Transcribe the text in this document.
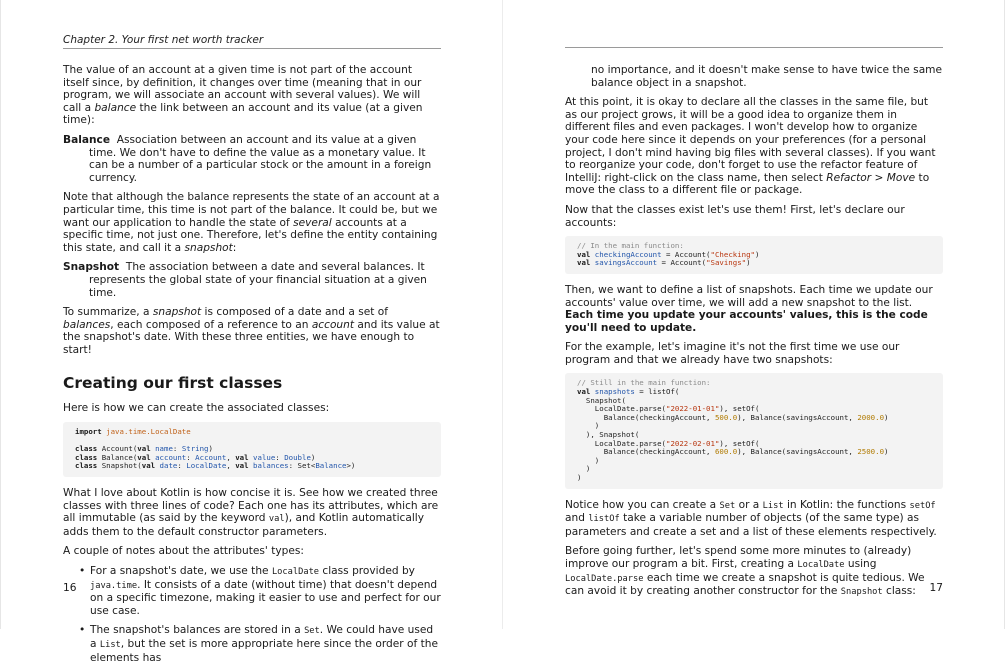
Chapter 2. Your first net worth tracker

The value of an account at a given time is not part of the account itself since, by definition, it changes over time (meaning that in our program, we will associate an account with several values). We will call a balance the link between an account and its value (at a given time):

Balance Association between an account and its value at a given time. We don't have to define the value as a monetary value. It can be a number of a particular stock or the amount in a foreign currency.

Note that although the balance represents the state of an account at a particular time, this time is not part of the balance. It could be, but we want our application to handle the state of several accounts at a specific time, not just one. Therefore, let's define the entity containing this state, and call it a snapshot:

Snapshot The association between a date and several balances. It represents the global state of your financial situation at a given time.

To summarize, a snapshot is composed of a date and a set of balances, each composed of a reference to an account and its value at the snapshot's date. With these three entities, we have enough to start!

Creating our first classes

Here is how we can create the associated classes:

import java.time.LocalDate

class Account(val name: String)
class Balance(val account: Account, val value: Double)
class Snapshot(val date: LocalDate, val balances: Set<Balance>)

What I love about Kotlin is how concise it is. See how we created three classes with three lines of code? Each one has its attributes, which are all immutable (as said by the keyword val), and Kotlin automatically adds them to the default constructor parameters.

A couple of notes about the attributes' types:

• For a snapshot's date, we use the LocalDate class provided by java.time. It consists of a date (without time) that doesn't depend on a specific timezone, making it easier to use and perfect for our use case.
• The snapshot's balances are stored in a Set. We could have used a List, but the set is more appropriate here since the order of the elements has
16
no importance, and it doesn't make sense to have twice the same balance object in a snapshot.

At this point, it is okay to declare all the classes in the same file, but as our project grows, it will be a good idea to organize them in different files and even packages. I won't develop how to organize your code here since it depends on your preferences (for a personal project, I don't mind having big files with several classes). If you want to reorganize your code, don't forget to use the refactor feature of IntelliJ: right-click on the class name, then select Refactor > Move to move the class to a different file or package.

Now that the classes exist let's use them! First, let's declare our accounts:

// In the main function:
val checkingAccount = Account("Checking")
val savingsAccount = Account("Savings")

Then, we want to define a list of snapshots. Each time we update our accounts' value over time, we will add a new snapshot to the list. Each time you update your accounts' values, this is the code you'll need to update.

For the example, let's imagine it's not the first time we use our program and that we already have two snapshots:

// Still in the main function:
val snapshots = listOf(
Snapshot(
LocalDate.parse("2022-01-01"), setOf(
Balance(checkingAccount, 500.0), Balance(savingsAccount, 2000.0)
)
), Snapshot(
LocalDate.parse("2022-02-01"), setOf(
Balance(checkingAccount, 600.0), Balance(savingsAccount, 2500.0)
)
)
)

Notice how you can create a Set or a List in Kotlin: the functions setOf and listOf take a variable number of objects (of the same type) as parameters and create a set and a list of these elements respectively.

Before going further, let's spend some more minutes to (already) improve our program a bit. First, creating a LocalDate using LocalDate.parse each time we create a snapshot is quite tedious. We can avoid it by creating another constructor for the Snapshot class:	17
